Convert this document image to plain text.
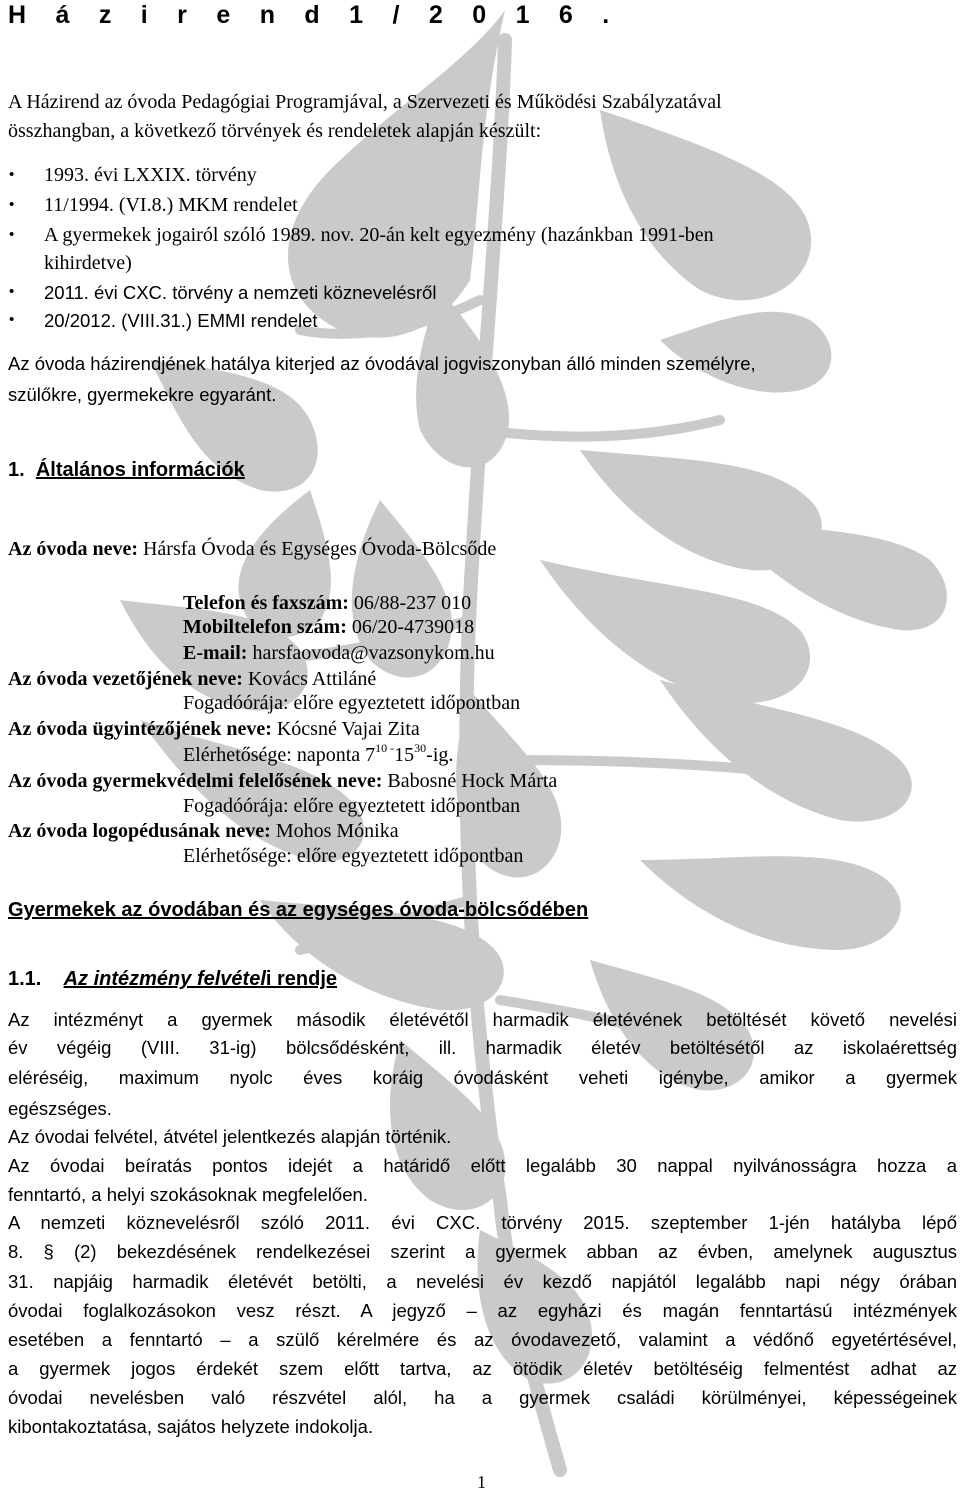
H á z i r e n d 1 / 2 0 1 6 .
A Házirend az óvoda Pedagógiai Programjával, a Szervezeti és Működési Szabályzatával
összhangban, a következő törvények és rendeletek alapján készült:
• 1993. évi LXXIX. törvény
• 11/1994. (VI.8.) MKM rendelet
• A gyermekek jogairól szóló 1989. nov. 20-án kelt egyezmény (hazánkban 1991-ben
kihirdetve)
• 2011. évi CXC. törvény a nemzeti köznevelésről
• 20/2012. (VIII.31.) EMMI rendelet
Az óvoda házirendjének hatálya kiterjed az óvodával jogviszonyban álló minden személyre,
szülőkre, gyermekekre egyaránt.
1. Általános információk
Az óvoda neve: Hársfa Óvoda és Egységes Óvoda-Bölcsőde
Telefon és faxszám: 06/88-237 010
Mobiltelefon szám: 06/20-4739018
E-mail: harsfaovoda@vazsonykom.hu
Az óvoda vezetőjének neve: Kovács Attiláné
Fogadóórája: előre egyeztetett időpontban
Az óvoda ügyintézőjének neve: Kócsné Vajai Zita
Elérhetősége: naponta $7^{10 -}15^{30}-ig$.
Az óvoda gyermekvédelmi felelősének neve: Babosné Hock Márta
Fogadóórája: előre egyeztetett időpontban
Az óvoda logopédusának neve: Mohos Mónika
Elérhetősége: előre egyeztetett időpontban
Gyermekek az óvodában és az egységes óvoda-bölcsődében
1.1. Az intézmény felvételi rendje
Az intézményt a gyermek második életévétől harmadik életévének betöltését követő nevelési
év végéig (VIII. 31-ig) bölcsődésként, ill. harmadik életév betöltésétől az iskolaérettség
eléréséig, maximum nyolc éves koráig óvodásként veheti igénybe, amikor a gyermek
egészséges.
Az óvodai felvétel, átvétel jelentkezés alapján történik.
Az óvodai beíratás pontos idejét a határidő előtt legalább 30 nappal nyilvánosságra hozza a
fenntartó, a helyi szokásoknak megfelelően.
A nemzeti köznevelésről szóló 2011. évi CXC. törvény 2015. szeptember 1-jén hatályba lépő
8. § (2) bekezdésének rendelkezései szerint a gyermek abban az évben, amelynek augusztus
31. napjáig harmadik életévét betölti, a nevelési év kezdő napjától legalább napi négy órában
óvodai foglalkozásokon vesz részt. A jegyző – az egyházi és magán fenntartású intézmények
esetében a fenntartó – a szülő kérelmére és az óvodavezető, valamint a védőnő egyetértésével,
a gyermek jogos érdekét szem előtt tartva, az ötödik életév betöltéséig felmentést adhat az
óvodai nevelésben való részvétel alól, ha a gyermek családi körülményei, képességeinek
kibontakoztatása, sajátos helyzete indokolja.
1
